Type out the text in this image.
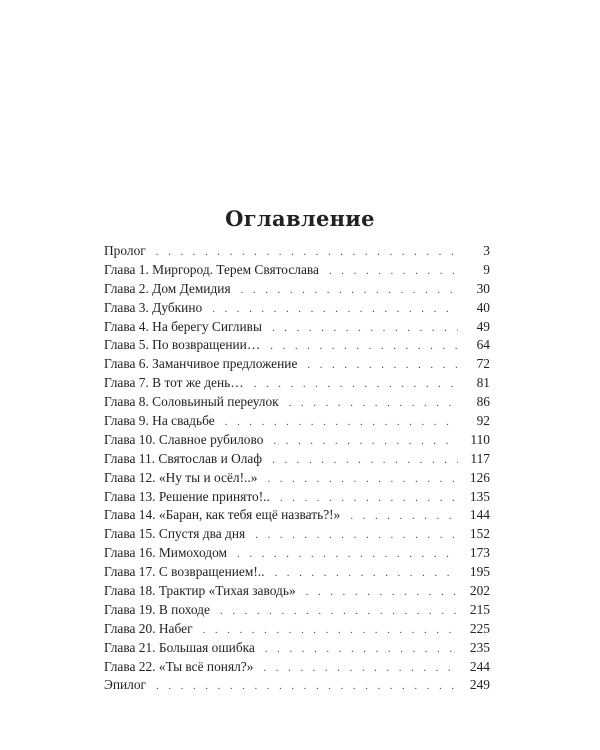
Оглавление
Пролог . . .	3
Глава 1. Миргород. Терем Святослава . . .	9
Глава 2. Дом Демидия . . .	30
Глава 3. Дубкино . . .	40
Глава 4. На берегу Сигливы . . .	49
Глава 5. По возвращении… . . .	64
Глава 6. Заманчивое предложение . . .	72
Глава 7. В тот же день… . . .	81
Глава 8. Соловьиный переулок . . .	86
Глава 9. На свадьбе . . .	92
Глава 10. Славное рубилово . . .	110
Глава 11. Святослав и Олаф . . .	117
Глава 12. «Ну ты и осёл!..» . . .	126
Глава 13. Решение принято!.. . . .	135
Глава 14. «Баран, как тебя ещё назвать?!» . . .	144
Глава 15. Спустя два дня . . .	152
Глава 16. Мимоходом . . .	173
Глава 17. С возвращением!.. . . .	195
Глава 18. Трактир «Тихая заводь» . . .	202
Глава 19. В походе . . .	215
Глава 20. Набег . . .	225
Глава 21. Большая ошибка . . .	235
Глава 22. «Ты всё понял?» . . .	244
Эпилог . . .	249
